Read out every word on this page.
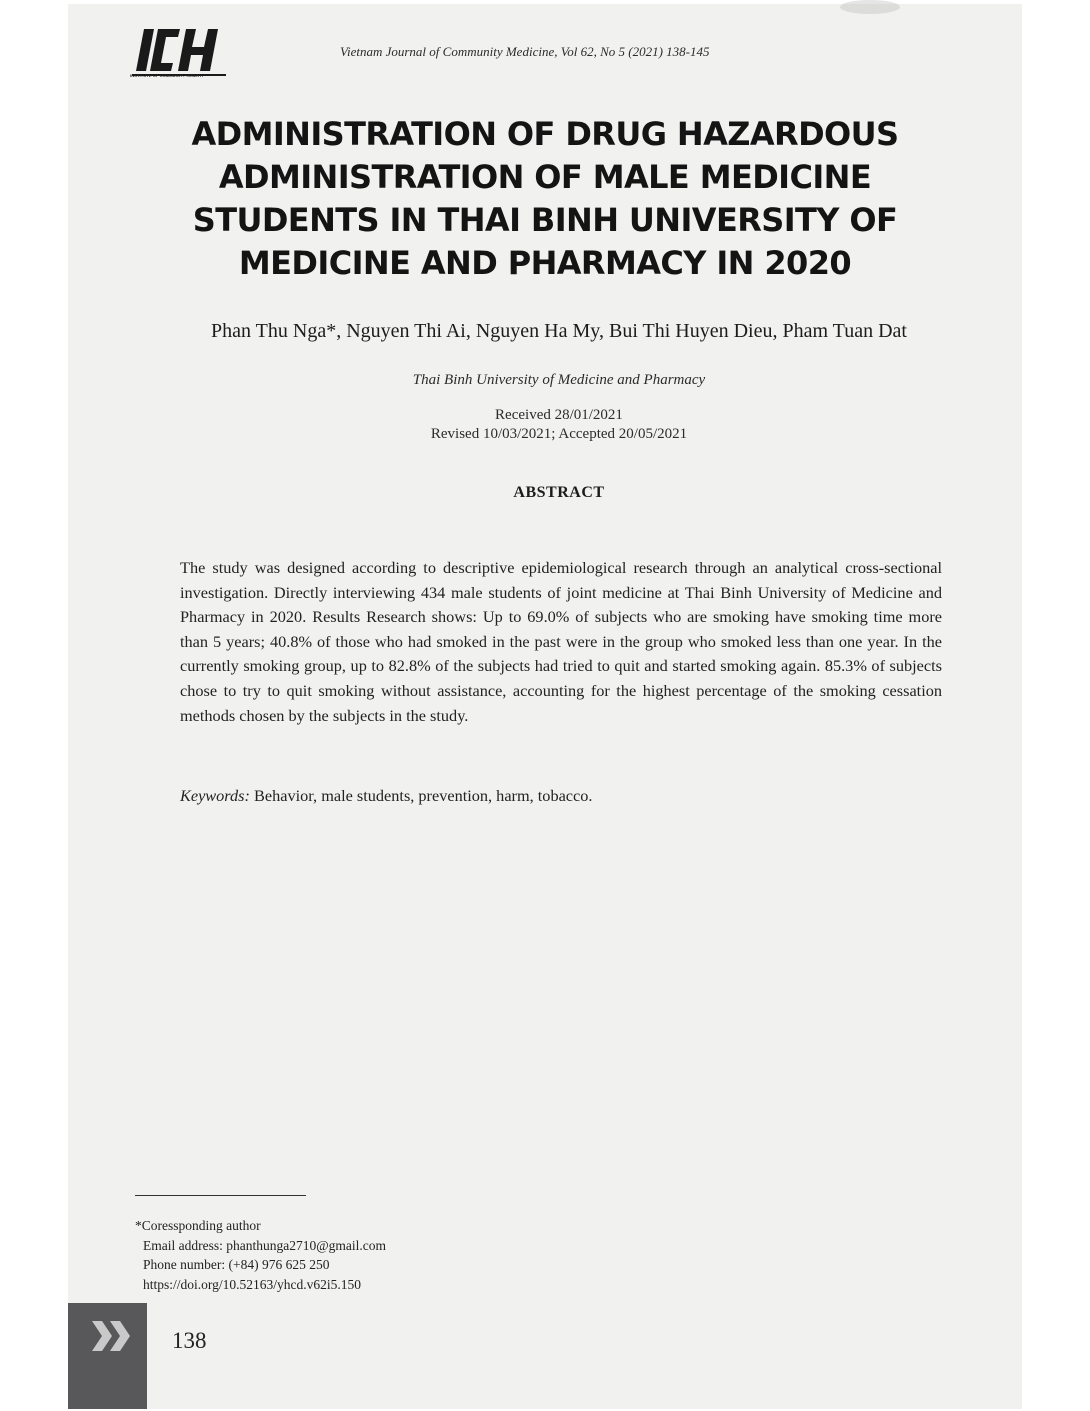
INSTITUTE OF COMMUNITY HEALTH
Vietnam Journal of Community Medicine, Vol 62, No 5 (2021) 138-145
ADMINISTRATION OF DRUG HAZARDOUS ADMINISTRATION OF MALE MEDICINE STUDENTS IN THAI BINH UNIVERSITY OF MEDICINE AND PHARMACY IN 2020
Phan Thu Nga*, Nguyen Thi Ai, Nguyen Ha My, Bui Thi Huyen Dieu, Pham Tuan Dat
Thai Binh University of Medicine and Pharmacy
Received 28/01/2021
Revised 10/03/2021; Accepted 20/05/2021
ABSTRACT
The study was designed according to descriptive epidemiological research through an analytical cross-sectional investigation. Directly interviewing 434 male students of joint medicine at Thai Binh University of Medicine and Pharmacy in 2020. Results Research shows: Up to 69.0% of subjects who are smoking have smoking time more than 5 years; 40.8% of those who had smoked in the past were in the group who smoked less than one year. In the currently smoking group, up to 82.8% of the subjects had tried to quit and started smoking again. 85.3% of subjects chose to try to quit smoking without assistance, accounting for the highest percentage of the smoking cessation methods chosen by the subjects in the study.
Keywords: Behavior, male students, prevention, harm, tobacco.
*Coressponding author
Email address: phanthunga2710@gmail.com
Phone number: (+84) 976 625 250
https://doi.org/10.52163/yhcd.v62i5.150
138
